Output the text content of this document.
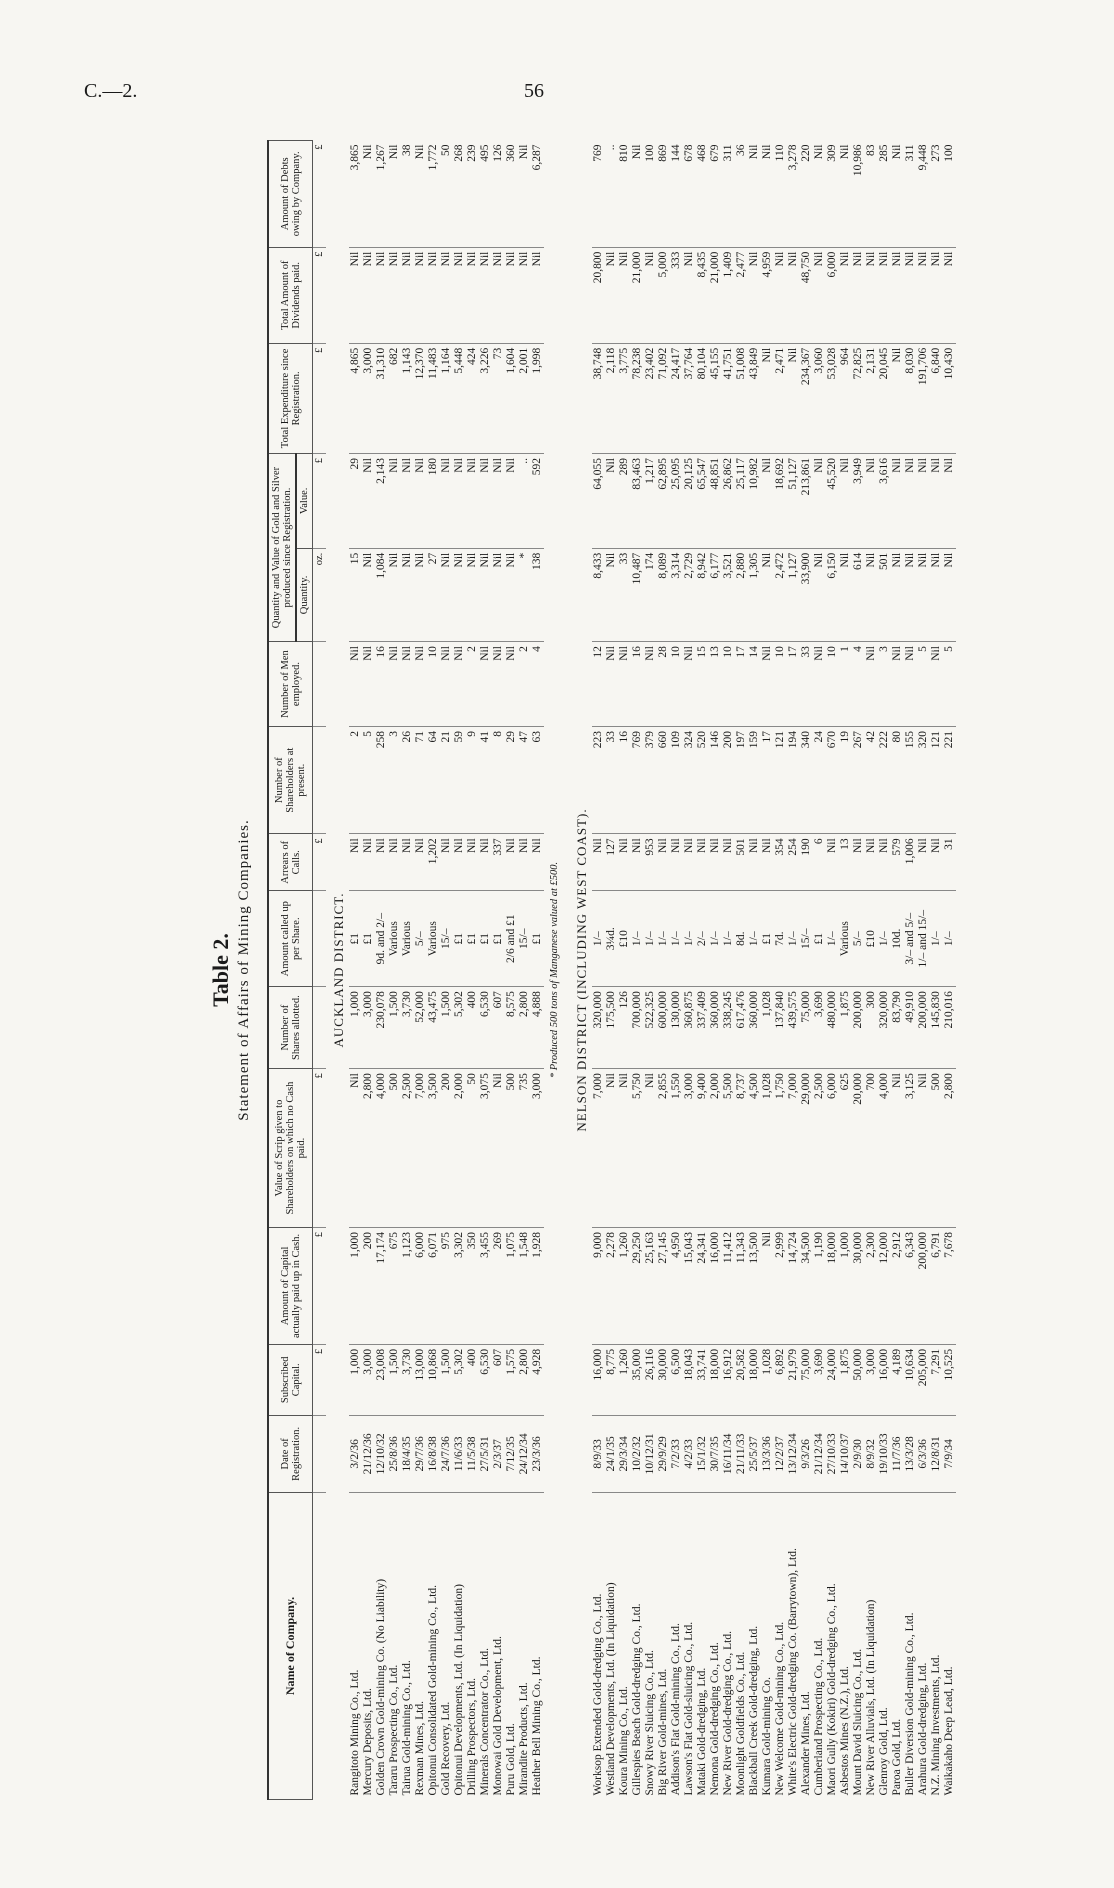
C.—2.	56
Table 2. Statement of Affairs of Mining Companies.
Name of Company.	Date of Registration.	Subscribed Capital.	Amount of Capital actually paid up in Cash.	Value of Scrip given to Shareholders on which no Cash paid.	Number of Shares allotted.	Amount called up per Share.	Arrears of Calls.	Number of Shareholders at present.	Number of Men employed.	Quantity and Value of Gold and Silver produced since Registration.		Total Expenditure since Registration.	Total Amount of Dividends paid.	Amount of Debts owing by Company.
										Quantity.	Value.			
		£	£	£			£			oz.	£	£	£	£
AUCKLAND DISTRICT.														
Rangitoto Mining Co., Ltd.	3/2/36	1,000	1,000	Nil	1,000	£1	Nil	2	Nil	15	29	4,865	Nil	3,865
Mercury Deposits, Ltd.	21/12/36	3,000	200	2,800	3,000	£1	Nil	5	Nil	Nil	Nil	3,000	Nil	Nil
Golden Crown Gold-mining Co. (No Liability)	12/10/32	23,008	17,174	4,000	230,078	9d. and 2/–	Nil	258	16	1,084	2,143	31,310	Nil	1,267
Tararu Prospecting Co., Ltd.	25/8/36	1,500	675	500	1,500	Various	Nil	3	Nil	Nil	Nil	682	Nil	Nil
Tairua Gold-mining Co., Ltd.	18/4/35	3,730	1,123	2,500	3,730	Various	Nil	26	Nil	Nil	Nil	1,143	Nil	38
Rexman Mines, Ltd.	29/7/36	13,000	6,000	7,000	52,000	5/–	Nil	71	Nil	Nil	Nil	12,370	Nil	Nil
Opitonui Consolidated Gold-mining Co., Ltd.	16/8/38	10,868	6,071	3,500	43,475	Various	1,202	64	10	27	180	11,483	Nil	1,772
Gold Recovery, Ltd.	24/7/36	1,500	975	200	1,500	15/–	Nil	21	Nil	Nil	Nil	1,164	Nil	50
Opitonui Developments, Ltd. (In Liquidation)	11/6/33	5,302	3,302	2,000	5,302	£1	Nil	59	Nil	Nil	Nil	5,448	Nil	268
Drilling Prospectors, Ltd.	11/5/38	400	350	50	400	£1	Nil	9	2	Nil	Nil	424	Nil	239
Minerals Concentrator Co., Ltd.	27/5/31	6,530	3,455	3,075	6,530	£1	Nil	41	Nil	Nil	Nil	3,226	Nil	495
Monowai Gold Development, Ltd.	2/3/37	607	269	Nil	607	£1	337	8	Nil	Nil	Nil	73	Nil	126
Puru Gold, Ltd.	7/12/35	1,575	1,075	500	8,575	2/6 and £1	Nil	29	Nil	Nil	Nil	1,604	Nil	360
Mirandite Products, Ltd.	24/12/34	2,800	1,548	735	2,800	15/–	Nil	47	2	*	..	2,001	Nil	Nil
Heather Bell Mining Co., Ltd.	23/3/36	4,928	1,928	3,000	4,888	£1	Nil	63	4	138	592	1,998	Nil	6,287
* Produced 500 tons of Manganese valued at £500.														
NELSON DISTRICT (INCLUDING WEST COAST).														
Worksop Extended Gold-dredging Co., Ltd.	8/9/33	16,000	9,000	7,000	320,000	1/–	Nil	223	12	8,433	64,055	38,748	20,800	769
Westland Developments, Ltd. (In Liquidation)	24/1/35	8,775	2,278	Nil	175,500	3¼d.	127	33	Nil	Nil	Nil	2,118	Nil	..
Koura Mining Co., Ltd.	29/3/34	1,260	1,260	Nil	126	£10	Nil	16	Nil	33	289	3,775	Nil	810
Gillespies Beach Gold-dredging Co., Ltd.	10/2/32	35,000	29,250	5,750	700,000	1/–	Nil	769	16	10,487	83,463	78,238	21,000	Nil
Snowy River Sluicing Co., Ltd.	10/12/31	26,116	25,163	Nil	522,325	1/–	953	379	Nil	174	1,217	23,402	Nil	100
Big River Gold-mines, Ltd.	29/9/29	30,000	27,145	2,855	600,000	1/–	Nil	660	28	8,089	62,895	71,092	5,000	869
Addison's Flat Gold-mining Co., Ltd.	7/2/33	6,500	4,950	1,550	130,000	1/–	Nil	109	10	3,314	25,095	24,417	333	144
Lawson's Flat Gold-sluicing Co., Ltd.	4/2/33	18,043	15,043	3,000	360,875	1/–	Nil	324	Nil	2,729	20,125	37,764	Nil	678
Mataki Gold-dredging, Ltd.	15/1/32	33,741	24,341	9,400	337,409	2/–	Nil	520	15	8,942	65,547	80,104	8,435	468
Nemona Gold-dredging Co., Ltd.	30/7/35	18,000	16,000	2,000	360,000	1/–	Nil	146	13	6,177	48,851	45,155	21,000	679
New River Gold-dredging Co., Ltd.	16/11/34	16,912	11,412	5,500	338,245	1/–	Nil	200	10	3,521	26,862	41,751	1,409	311
Moonlight Goldfields Co., Ltd.	21/11/33	20,582	11,343	8,737	617,476	8d.	501	197	17	2,880	25,117	51,008	2,477	36
Blackball Creek Gold-dredging, Ltd.	25/5/37	18,000	13,500	4,500	360,000	1/–	Nil	159	14	1,305	10,982	43,849	Nil	Nil
Kumara Gold-mining Co.	13/3/36	1,028	Nil	1,028	1,028	£1	Nil	17	Nil	Nil	Nil	Nil	4,959	Nil
New Welcome Gold-mining Co., Ltd.	12/2/37	6,892	2,999	1,750	137,840	7d.	354	121	10	2,472	18,692	2,471	Nil	110
White's Electric Gold-dredging Co. (Barrytown), Ltd.	13/12/34	21,979	14,724	7,000	439,575	1/–	254	194	17	1,127	51,127	Nil	Nil	3,278
Alexander Mines, Ltd.	9/3/26	75,000	34,500	29,000	75,000	15/–	190	340	33	33,900	213,861	234,367	48,750	220
Cumberland Prospecting Co., Ltd.	21/12/34	3,690	1,190	2,500	3,690	£1	6	24	Nil	Nil	Nil	3,060	Nil	Nil
Maori Gully (Kokiri) Gold-dredging Co., Ltd.	27/10/33	24,000	18,000	6,000	480,000	1/–	Nil	670	10	6,150	45,520	53,028	6,000	309
Asbestos Mines (N.Z.), Ltd.	14/10/37	1,875	1,000	625	1,875	Various	13	19	1	Nil	Nil	964	Nil	Nil
Mount David Sluicing Co., Ltd.	2/9/30	50,000	30,000	20,000	200,000	5/–	Nil	267	4	614	3,949	72,825	Nil	10,986
New River Alluvials, Ltd. (In Liquidation)	8/9/32	3,000	2,300	700	300	£10	Nil	42	Nil	Nil	Nil	2,131	Nil	83
Glenroy Gold, Ltd.	19/10/33	16,000	12,000	4,000	320,000	1/–	Nil	222	3	501	3,616	20,045	Nil	285
Paroa Gold, Ltd.	11/7/36	4,189	2,912	Nil	83,790	10d.	579	80	Nil	Nil	Nil	Nil	Nil	Nil
Buller Diversion Gold-mining Co., Ltd.	13/3/28	10,634	6,343	3,125	49,910	3/– and 5/–	1,006	155	Nil	Nil	Nil	8,030	Nil	311
Arahura Gold-dredging, Ltd.	6/3/36	205,000	200,000	Nil	200,000	1/– and 15/–	Nil	320	5	Nil	Nil	191,706	Nil	9,448
N.Z. Mining Investments, Ltd.	12/8/31	7,291	6,791	500	145,830	1/–	Nil	121	Nil	Nil	Nil	6,840	Nil	273
Waikakaho Deep Lead, Ltd.	7/9/34	10,525	7,678	2,800	210,016	1/–	31	221	5	Nil	Nil	10,430	Nil	100
